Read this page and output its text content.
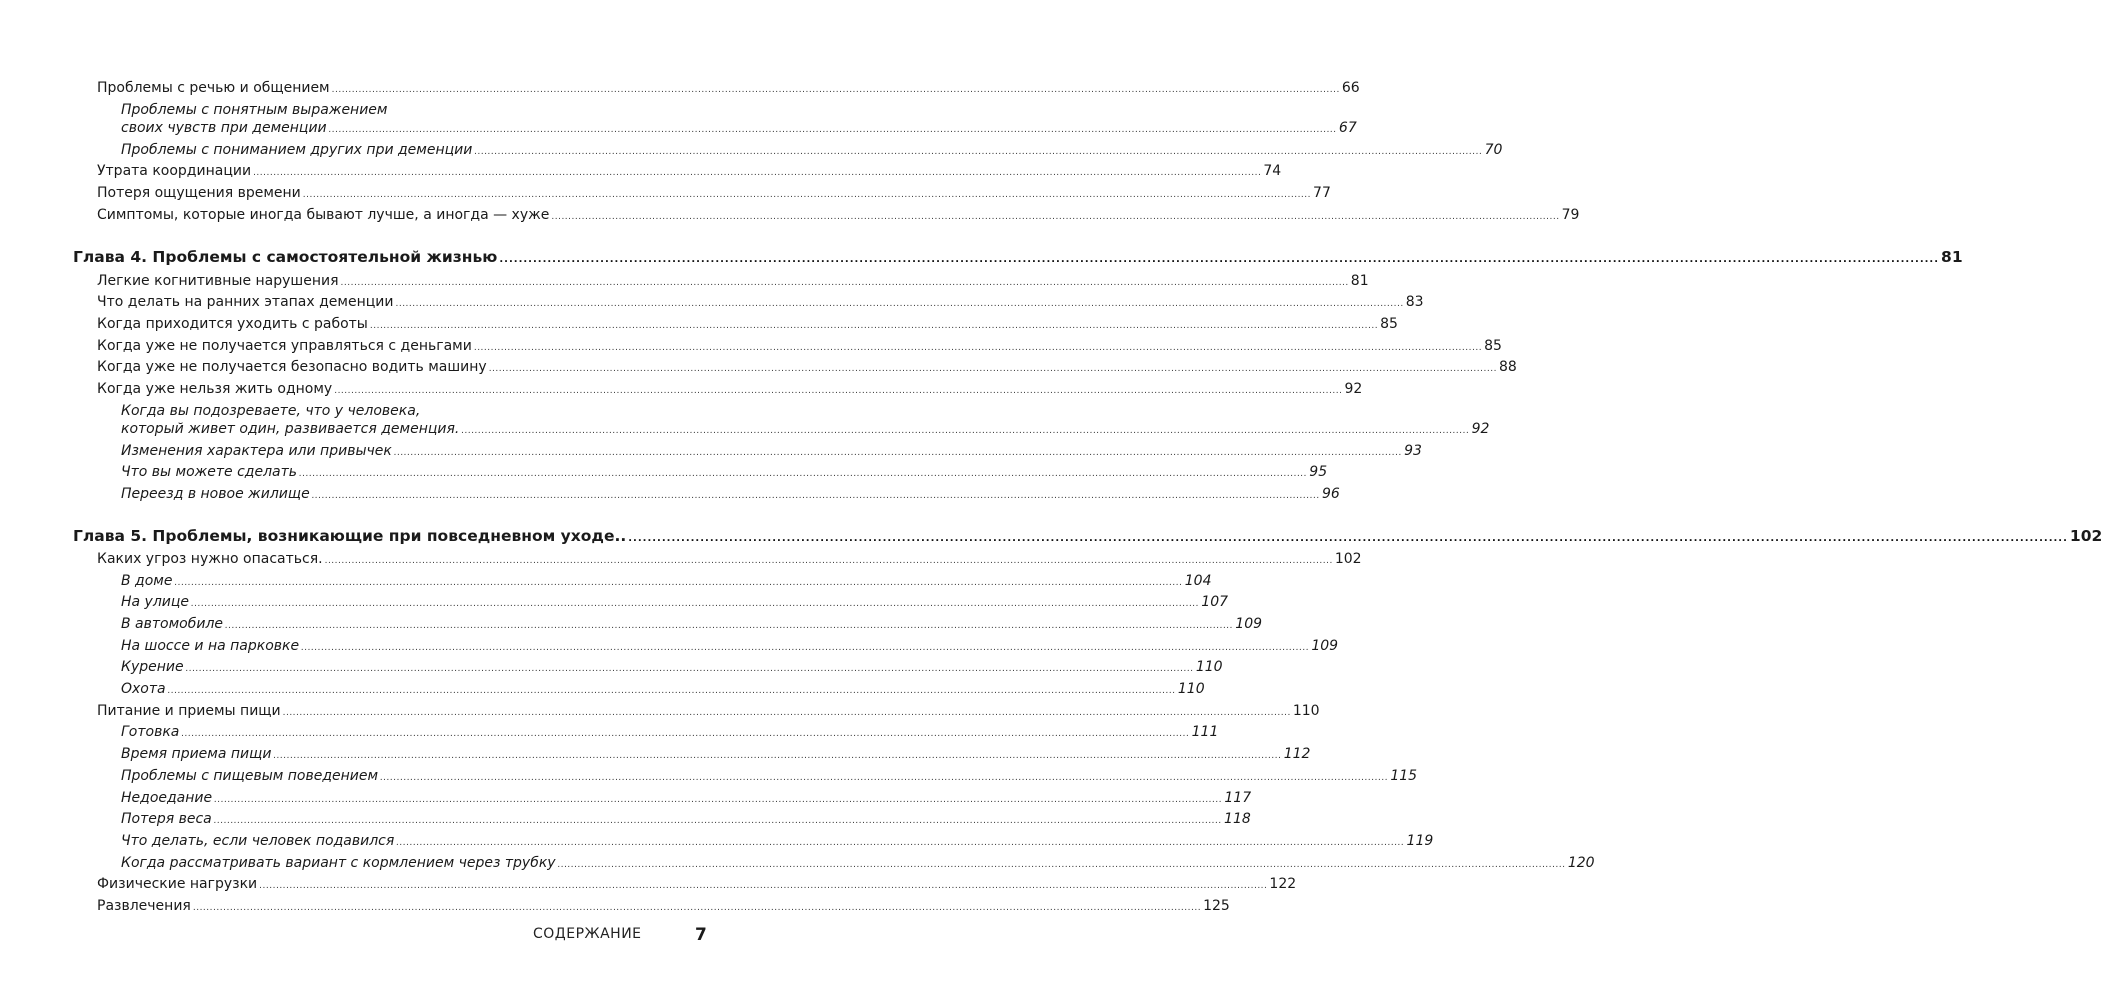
Проблемы с речью и общением ............................................................................................................................................................................................................................................................................................................ 66
Проблемы с понятным выражением
своих чувств при деменции ............................................................................................................................................................................................................................................................................................................ 67
Проблемы с пониманием других при деменции ............................................................................................................................................................................................................................................................................................................ 70
Утрата координации ............................................................................................................................................................................................................................................................................................................ 74
Потеря ощущения времени ............................................................................................................................................................................................................................................................................................................ 77
Симптомы, которые иногда бывают лучше, а иногда — хуже ............................................................................................................................................................................................................................................................................................................ 79
Глава 4. Проблемы с самостоятельной жизнью ............................................................................................................................................................................................................................................................................................................ 81
Легкие когнитивные нарушения ............................................................................................................................................................................................................................................................................................................ 81
Что делать на ранних этапах деменции ............................................................................................................................................................................................................................................................................................................ 83
Когда приходится уходить с работы ............................................................................................................................................................................................................................................................................................................ 85
Когда уже не получается управляться с деньгами ............................................................................................................................................................................................................................................................................................................ 85
Когда уже не получается безопасно водить машину ............................................................................................................................................................................................................................................................................................................ 88
Когда уже нельзя жить одному ............................................................................................................................................................................................................................................................................................................ 92
Когда вы подозреваете, что у человека,
который живет один, развивается деменция. ............................................................................................................................................................................................................................................................................................................ 92
Изменения характера или привычек ............................................................................................................................................................................................................................................................................................................ 93
Что вы можете сделать ............................................................................................................................................................................................................................................................................................................ 95
Переезд в новое жилище ............................................................................................................................................................................................................................................................................................................ 96
Глава 5. Проблемы, возникающие при повседневном уходе.. ............................................................................................................................................................................................................................................................................................................ 102
Каких угроз нужно опасаться. ............................................................................................................................................................................................................................................................................................................ 102
В доме ............................................................................................................................................................................................................................................................................................................ 104
На улице ............................................................................................................................................................................................................................................................................................................ 107
В автомобиле ............................................................................................................................................................................................................................................................................................................ 109
На шоссе и на парковке ............................................................................................................................................................................................................................................................................................................ 109
Курение ............................................................................................................................................................................................................................................................................................................ 110
Охота ............................................................................................................................................................................................................................................................................................................ 110
Питание и приемы пищи ............................................................................................................................................................................................................................................................................................................ 110
Готовка ............................................................................................................................................................................................................................................................................................................ 111
Время приема пищи ............................................................................................................................................................................................................................................................................................................ 112
Проблемы с пищевым поведением ............................................................................................................................................................................................................................................................................................................ 115
Недоедание ............................................................................................................................................................................................................................................................................................................ 117
Потеря веса ............................................................................................................................................................................................................................................................................................................ 118
Что делать, если человек подавился ............................................................................................................................................................................................................................................................................................................ 119
Когда рассматривать вариант с кормлением через трубку ............................................................................................................................................................................................................................................................................................................ 120
Физические нагрузки ............................................................................................................................................................................................................................................................................................................ 122
Развлечения ............................................................................................................................................................................................................................................................................................................ 125
СОДЕРЖАНИЕ	7
